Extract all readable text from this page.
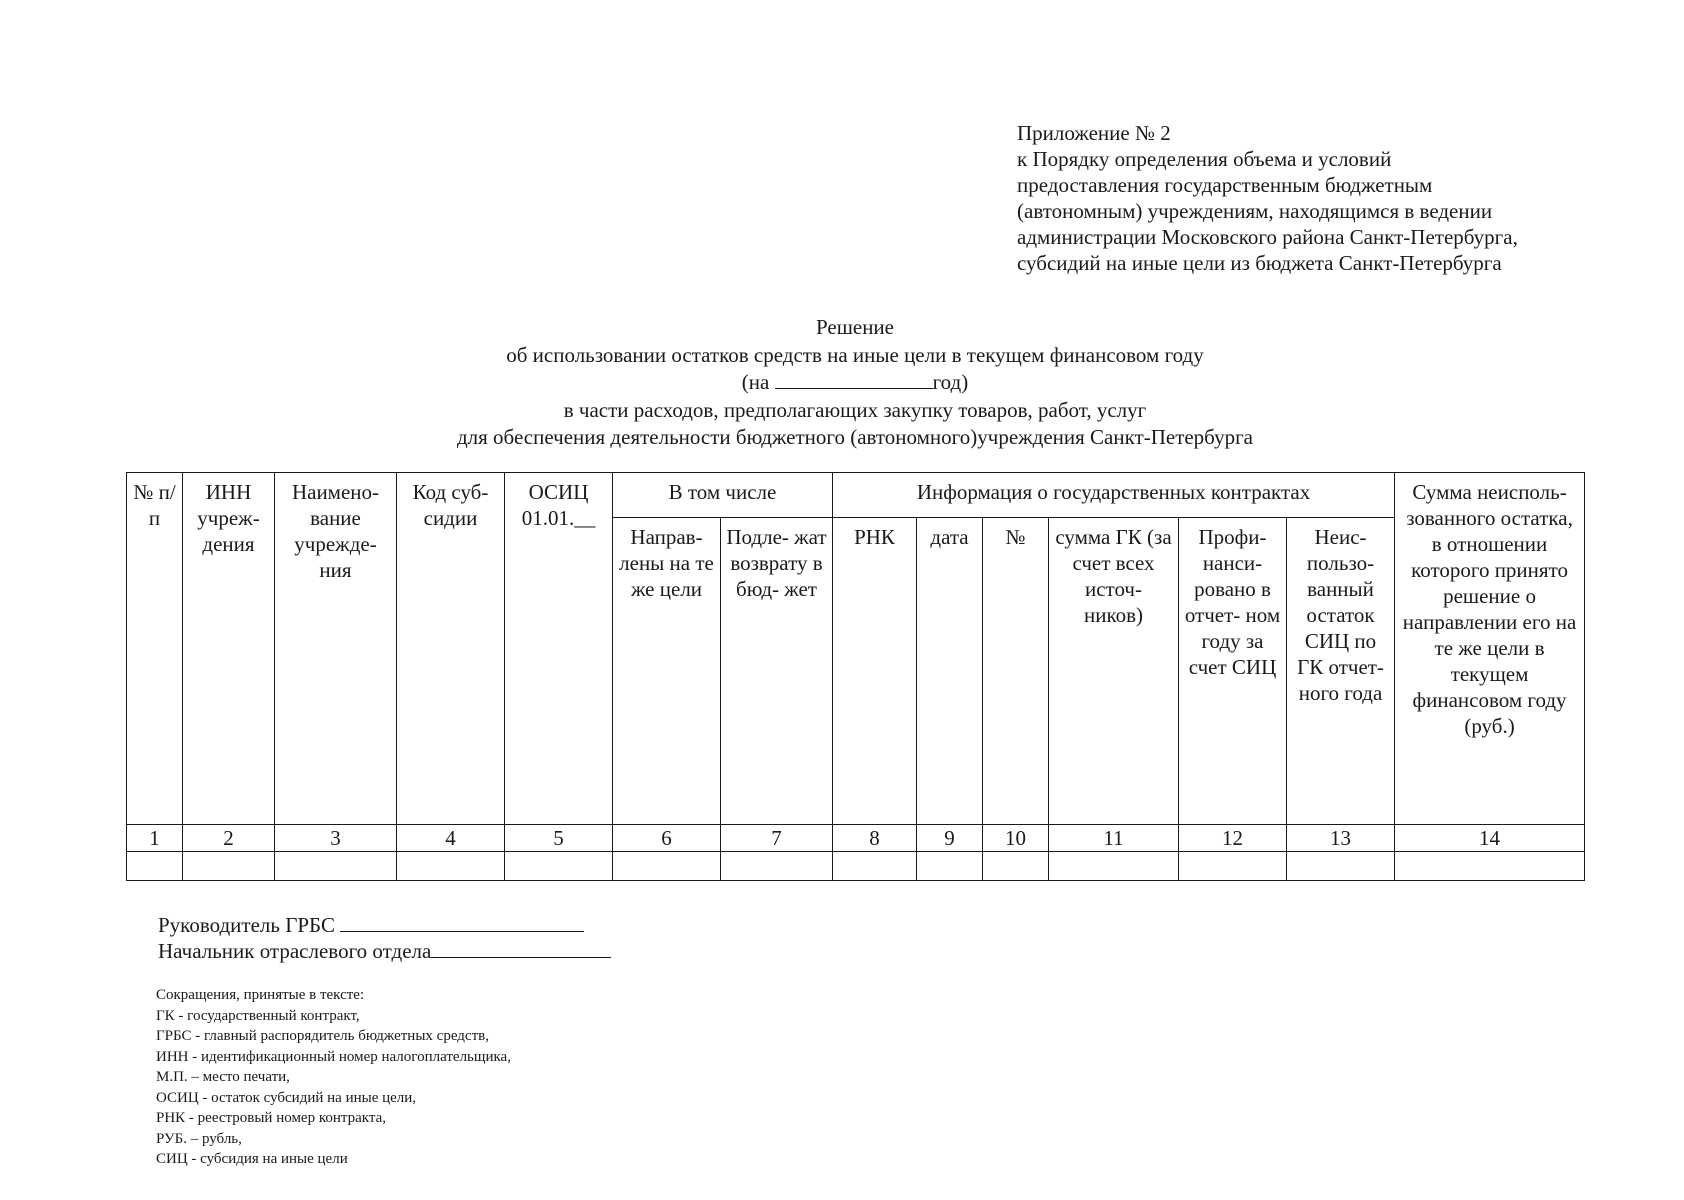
Приложение № 2
к Порядку определения объема и условий
предоставления государственным бюджетным
(автономным) учреждениям, находящимся в ведении
администрации Московского района Санкт-Петербурга,
субсидий на иные цели из бюджета Санкт-Петербурга
Решение
об использовании остатков средств на иные цели в текущем финансовом году
(на	год)
в части расходов, предполагающих закупку товаров, работ, услуг
для обеспечения деятельности бюджетного (автономного)учреждения Санкт-Петербурга
№ п/п	ИНН учреж- дения	Наимено- вание учрежде- ния	Код суб- сидии	ОСИЦ 01.01.__	В том числе		Информация о государственных контрактах						Сумма неисполь- зованного остатка, в отношении которого принято решение о направлении его на те же цели в текущем финансовом году (руб.)
					Направ- лены на те же цели	Подле- жат возврату в бюд- жет	РНК	дата	№	сумма ГК (за счет всех источ- ников)	Профи- нанси- ровано в отчет- ном году за счет СИЦ	Неис- пользо- ванный остаток СИЦ по ГК отчет- ного года	
1	2	3	4	5	6	7	8	9	10	11	12	13	14

Руководитель ГРБС
Начальник отраслевого отдела
Сокращения, принятые в тексте:
ГК - государственный контракт,
ГРБС - главный распорядитель бюджетных средств,
ИНН - идентификационный номер налогоплательщика,
М.П. – место печати,
ОСИЦ - остаток субсидий на иные цели,
РНК - реестровый номер контракта,
РУБ. – рубль,
СИЦ - субсидия на иные цели
